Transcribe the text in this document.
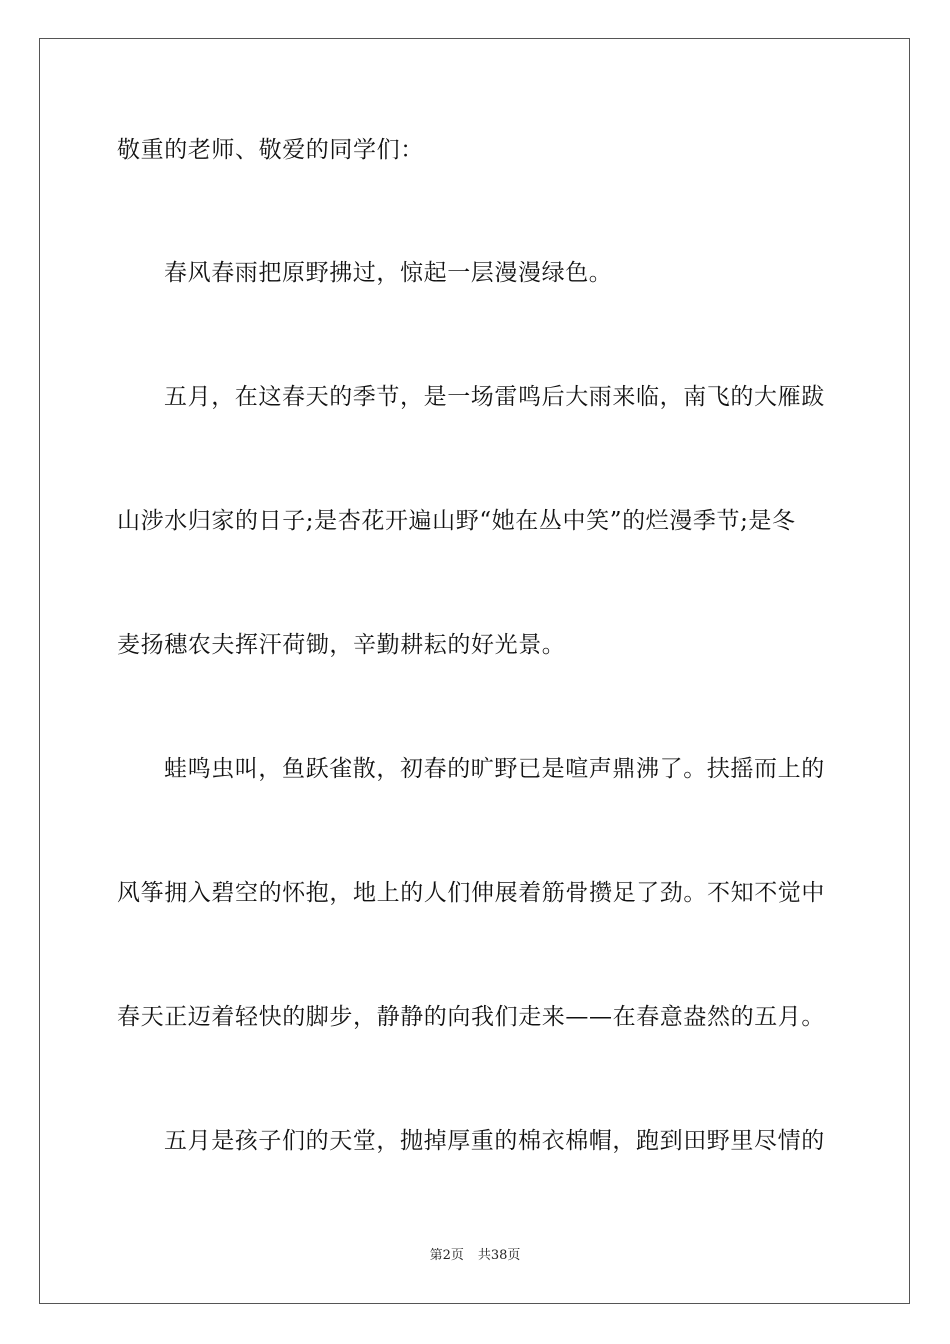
敬重的老师、敬爱的同学们：
春风春雨把原野拂过，惊起一层漫漫绿色。
五月，在这春天的季节，是一场雷鸣后大雨来临，南飞的大雁跋
山涉水归家的日子;是杏花开遍山野“她在丛中笑”的烂漫季节;是冬
麦扬穗农夫挥汗荷锄，辛勤耕耘的好光景。
蛙鸣虫叫，鱼跃雀散，初春的旷野已是喧声鼎沸了。扶摇而上的
风筝拥入碧空的怀抱，地上的人们伸展着筋骨攒足了劲。不知不觉中
春天正迈着轻快的脚步，静静的向我们走来——在春意盎然的五月。
五月是孩子们的天堂，抛掉厚重的棉衣棉帽，跑到田野里尽情的
第2页 共38页
